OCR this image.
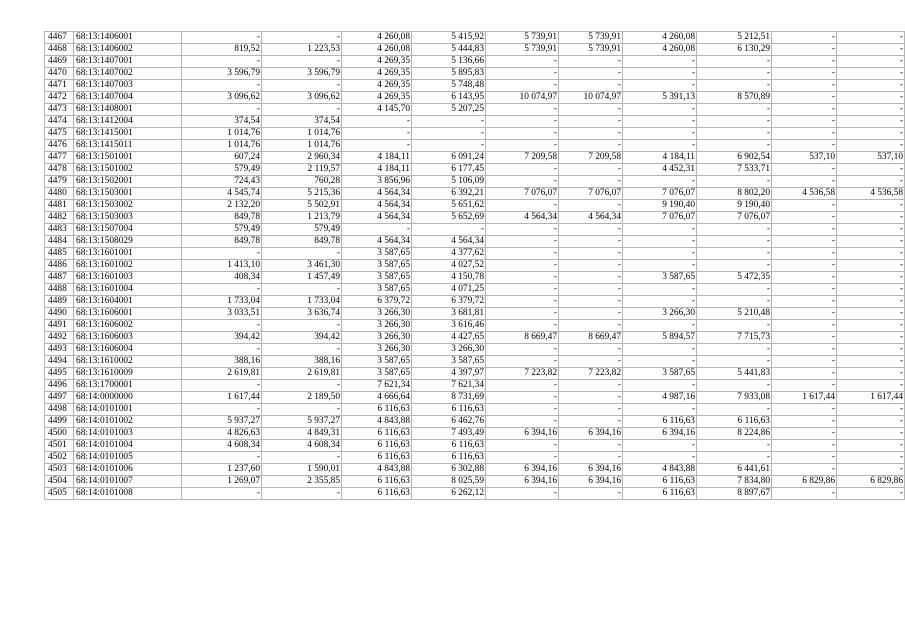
4467	68:13:1406001	-	-	4 260,08	5 415,92	5 739,91	5 739,91	4 260,08	5 212,51	-	-
4468	68:13:1406002	819,52	1 223,53	4 260,08	5 444,83	5 739,91	5 739,91	4 260,08	6 130,29	-	-
4469	68:13:1407001	-	-	4 269,35	5 136,66	-	-	-	-	-	-
4470	68:13:1407002	3 596,79	3 596,79	4 269,35	5 895,83	-	-	-	-	-	-
4471	68:13:1407003	-	-	4 269,35	5 748,48	-	-	-	-	-	-
4472	68:13:1407004	3 096,62	3 096,62	4 269,35	6 143,95	10 074,97	10 074,97	5 391,13	8 570,89	-	-
4473	68:13:1408001	-	-	4 145,70	5 207,25	-	-	-	-	-	-
4474	68:13:1412004	374,54	374,54	-	-	-	-	-	-	-	-
4475	68:13:1415001	1 014,76	1 014,76	-	-	-	-	-	-	-	-
4476	68:13:1415011	1 014,76	1 014,76	-	-	-	-	-	-	-	-
4477	68:13:1501001	607,24	2 960,34	4 184,11	6 091,24	7 209,58	7 209,58	4 184,11	6 902,54	537,10	537,10
4478	68:13:1501002	579,49	2 119,57	4 184,11	6 177,45	-	-	4 452,31	7 533,71	-	-
4479	68:13:1502001	724,43	760,28	3 856,96	5 106,09	-	-	-	-	-	-
4480	68:13:1503001	4 545,74	5 215,36	4 564,34	6 392,21	7 076,07	7 076,07	7 076,07	8 802,20	4 536,58	4 536,58
4481	68:13:1503002	2 132,20	5 502,91	4 564,34	5 651,62	-	-	9 190,40	9 190,40	-	-
4482	68:13:1503003	849,78	1 213,79	4 564,34	5 652,69	4 564,34	4 564,34	7 076,07	7 076,07	-	-
4483	68:13:1507004	579,49	579,49	-	-	-	-	-	-	-	-
4484	68:13:1508029	849,78	849,78	4 564,34	4 564,34	-	-	-	-	-	-
4485	68:13:1601001	-	-	3 587,65	4 377,62	-	-	-	-	-	-
4486	68:13:1601002	1 413,10	3 461,30	3 587,65	4 027,52	-	-	-	-	-	-
4487	68:13:1601003	408,34	1 457,49	3 587,65	4 150,78	-	-	3 587,65	5 472,35	-	-
4488	68:13:1601004	-	-	3 587,65	4 071,25	-	-	-	-	-	-
4489	68:13:1604001	1 733,04	1 733,04	6 379,72	6 379,72	-	-	-	-	-	-
4490	68:13:1606001	3 033,51	3 636,74	3 266,30	3 681,81	-	-	3 266,30	5 210,48	-	-
4491	68:13:1606002	-	-	3 266,30	3 616,46	-	-	-	-	-	-
4492	68:13:1606003	394,42	394,42	3 266,30	4 427,65	8 669,47	8 669,47	5 894,57	7 715,73	-	-
4493	68:13:1606004	-	-	3 266,30	3 266,30	-	-	-	-	-	-
4494	68:13:1610002	388,16	388,16	3 587,65	3 587,65	-	-	-	-	-	-
4495	68:13:1610009	2 619,81	2 619,81	3 587,65	4 397,97	7 223,82	7 223,82	3 587,65	5 441,83	-	-
4496	68:13:1700001	-	-	7 621,34	7 621,34	-	-	-	-	-	-
4497	68:14:0000000	1 617,44	2 189,50	4 666,64	8 731,69	-	-	4 987,16	7 933,08	1 617,44	1 617,44
4498	68:14:0101001	-	-	6 116,63	6 116,63	-	-	-	-	-	-
4499	68:14:0101002	5 937,27	5 937,27	4 843,88	6 462,76	-	-	6 116,63	6 116,63	-	-
4500	68:14:0101003	4 826,63	4 849,31	6 116,63	7 493,49	6 394,16	6 394,16	6 394,16	8 224,86	-	-
4501	68:14:0101004	4 608,34	4 608,34	6 116,63	6 116,63	-	-	-	-	-	-
4502	68:14:0101005	-	-	6 116,63	6 116,63	-	-	-	-	-	-
4503	68:14:0101006	1 237,60	1 590,01	4 843,88	6 302,88	6 394,16	6 394,16	4 843,88	6 441,61	-	-
4504	68:14:0101007	1 269,07	2 355,85	6 116,63	8 025,59	6 394,16	6 394,16	6 116,63	7 834,80	6 829,86	6 829,86
4505	68:14:0101008	-	-	6 116,63	6 262,12	-	-	6 116,63	8 897,67	-	-
